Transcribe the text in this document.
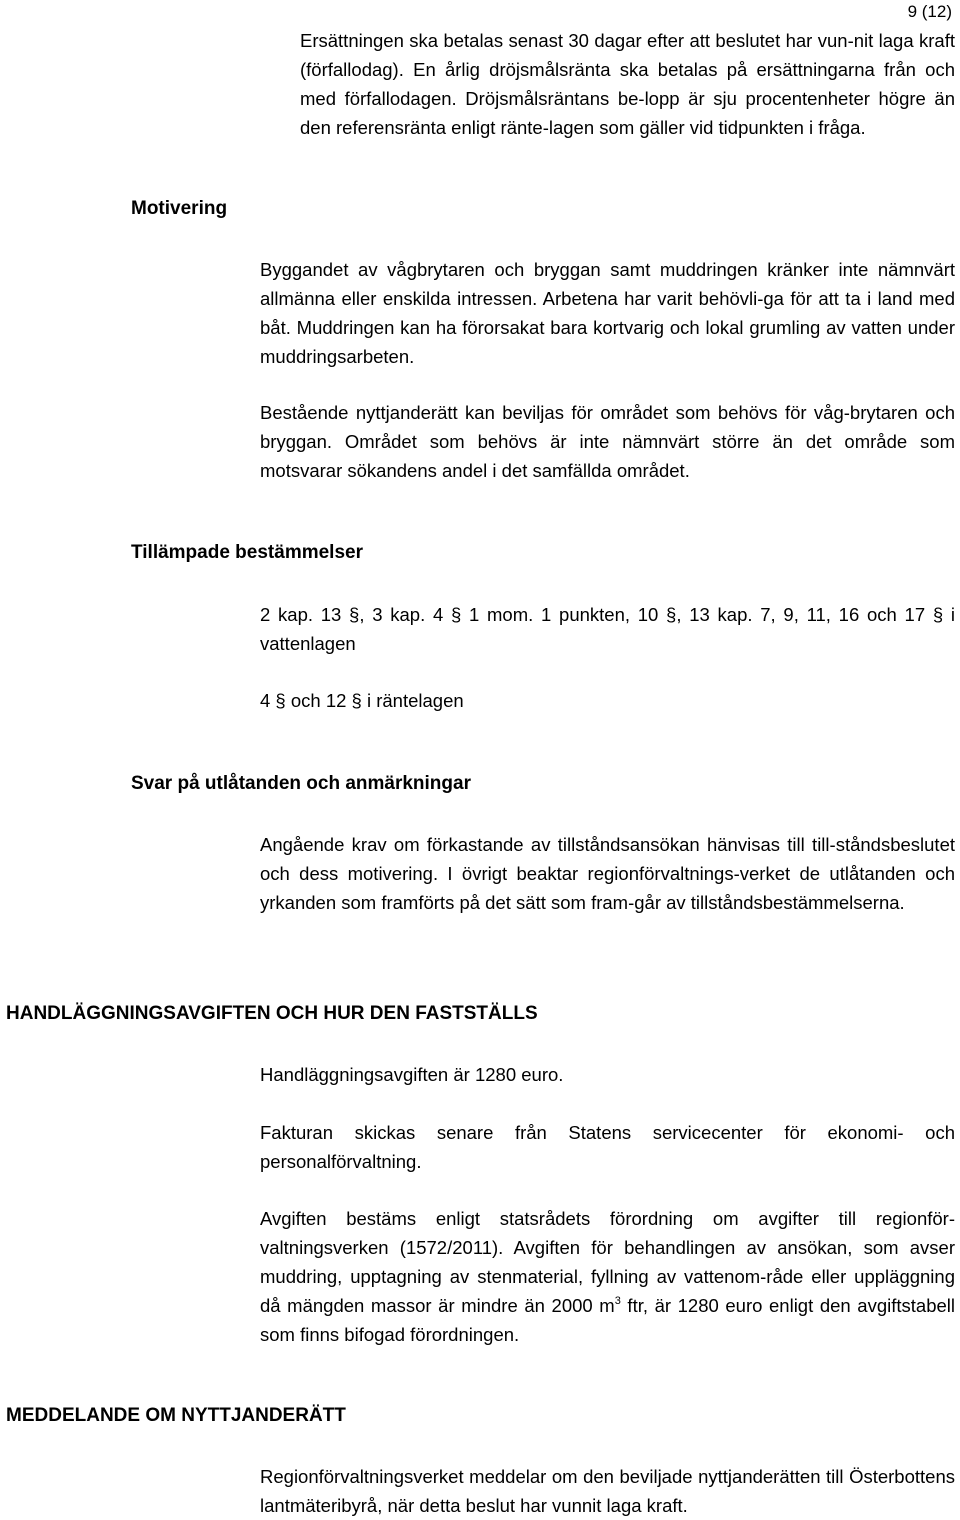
9 (12)

Ersättningen ska betalas senast 30 dagar efter att beslutet har vun-nit laga kraft (förfallodag). En årlig dröjsmålsränta ska betalas på ersättningarna från och med förfallodagen. Dröjsmålsräntans be-lopp är sju procentenheter högre än den referensränta enligt ränte-lagen som gäller vid tidpunkten i fråga.

Motivering

Byggandet av vågbrytaren och bryggan samt muddringen kränker inte nämnvärt allmänna eller enskilda intressen. Arbetena har varit behövli-ga för att ta i land med båt. Muddringen kan ha förorsakat bara kortvarig och lokal grumling av vatten under muddringsarbeten.

Bestående nyttjanderätt kan beviljas för området som behövs för våg-brytaren och bryggan. Området som behövs är inte nämnvärt större än det område som motsvarar sökandens andel i det samfällda området.

Tillämpade bestämmelser

2 kap. 13 §, 3 kap. 4 § 1 mom. 1 punkten, 10 §, 13 kap. 7, 9, 11, 16 och 17 § i vattenlagen

4 § och 12 § i räntelagen

Svar på utlåtanden och anmärkningar

Angående krav om förkastande av tillståndsansökan hänvisas till till-ståndsbeslutet och dess motivering. I övrigt beaktar regionförvaltnings-verket de utlåtanden och yrkanden som framförts på det sätt som fram-går av tillståndsbestämmelserna.

HANDLÄGGNINGSAVGIFTEN OCH HUR DEN FASTSTÄLLS

Handläggningsavgiften är 1280 euro.

Fakturan skickas senare från Statens servicecenter för ekonomi- och personalförvaltning.

Avgiften bestäms enligt statsrådets förordning om avgifter till regionför-valtningsverken (1572/2011). Avgiften för behandlingen av ansökan, som avser muddring, upptagning av stenmaterial, fyllning av vattenom-råde eller uppläggning då mängden massor är mindre än 2000 $m^3$ ftr, är 1280 euro enligt den avgiftstabell som finns bifogad förordningen.

MEDDELANDE OM NYTTJANDERÄTT

Regionförvaltningsverket meddelar om den beviljade nyttjanderätten till Österbottens lantmäteribyrå, när detta beslut har vunnit laga kraft.
